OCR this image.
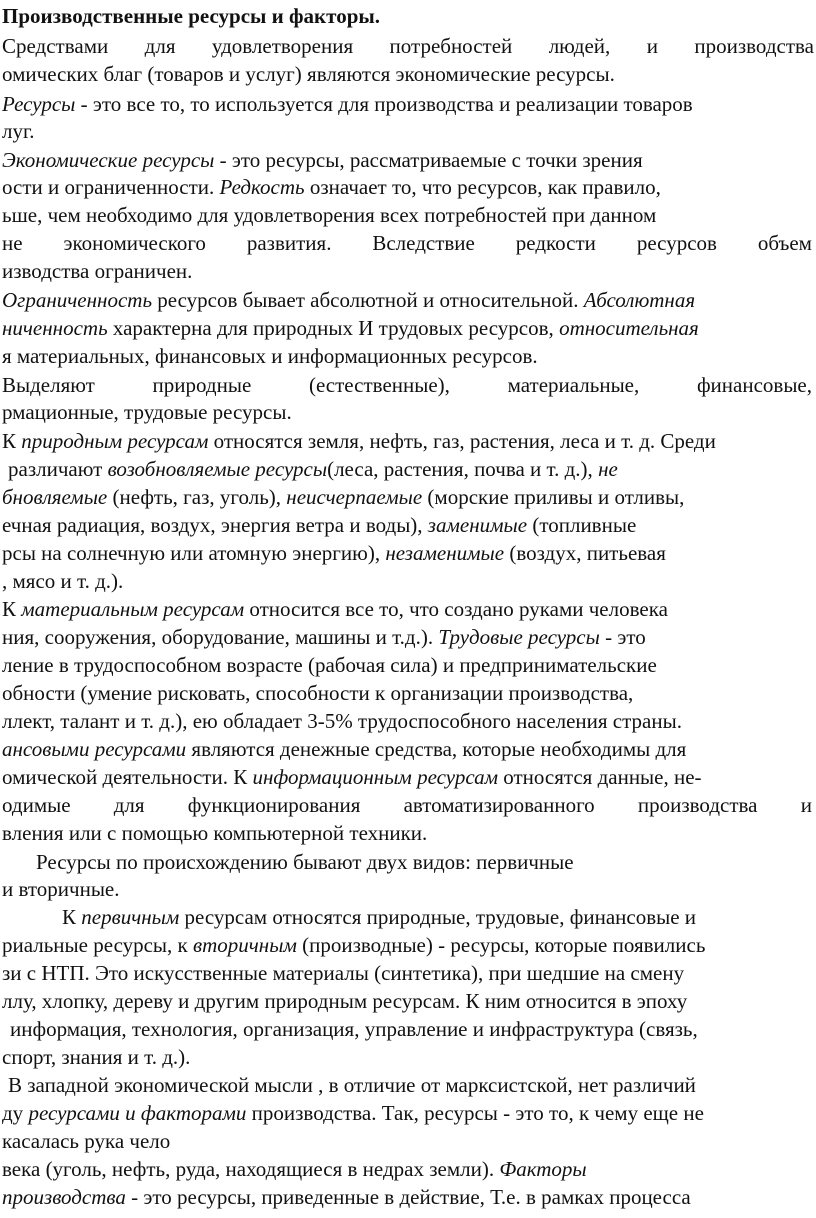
Производственные ресурсы и факторы.
Средствами для удовлетворения потребностей людей, и производства
омических благ (товаров и услуг) являются экономические ресурсы.
Ресурсы - это все то, то используется для производства и реализации товаров
луг.
Экономические ресурсы - это ресурсы, рассматриваемые с точки зрения
ости и ограниченности. Редкость означает то, что ресурсов, как правило,
ьше, чем необходимо для удовлетворения всех потребностей при данном
не экономического развития. Вследствие редкости ресурсов объем
изводства ограничен.
Ограниченность ресурсов бывает абсолютной и относительной. Абсолютная
ниченность характерна для природных И трудовых ресурсов, относительная
я материальных, финансовых и информационных ресурсов.
Выделяют	природные	(естественные),	материальные,	финансовые,
рмационные, трудовые ресурсы.
К природным ресурсам относятся земля, нефть, газ, растения, леса и т. д. Среди
различают возобновляемые ресурсы(леса, растения, почва и т. д.), не
бновляемые (нефть, газ, уголь), неисчерпаемые (морские приливы и отливы,
ечная радиация, воздух, энергия ветра и воды), заменимые (топливные
рсы на солнечную или атомную энергию), незаменимые (воздух, питьевая
, мясо и т. д.).
К материальным ресурсам относится все то, что создано руками человека
ния, сооружения, оборудование, машины и т.д.). Трудовые ресурсы - это
ление в трудоспособном возрасте (рабочая сила) и предпринимательские
обности (умение рисковать, способности к организации производства,
ллект, талант и т. д.), ею обладает 3-5% трудоспособного населения страны.
ансовыми ресурсами являются денежные средства, которые необходимы для
омической деятельности. К информационным ресурсам относятся данные, не-
одимые для функционирования автоматизированного производства и
вления или с помощью компьютерной техники.
Ресурсы по происхождению бывают двух видов: первичные
и вторичные.
К первичным ресурсам относятся природные, трудовые, финансовые и
риальные ресурсы, к вторичным (производные) - ресурсы, которые появились
зи с НТП. Это искусственные материалы (синтетика), при шедшие на смену
ллу, хлопку, дереву и другим природным ресурсам. К ним относится в эпоху
информация, технология, организация, управление и инфраструктура (связь,
спорт, знания и т. д.).
В западной экономической мысли , в отличие от марксистской, нет различий
ду ресурсами и факторами производства. Так, ресурсы - это то, к чему еще не
касалась рука чело
века (уголь, нефть, руда, находящиеся в недрах земли). Факторы
производства - это ресурсы, приведенные в действие, Т.е. в рамках процесса
